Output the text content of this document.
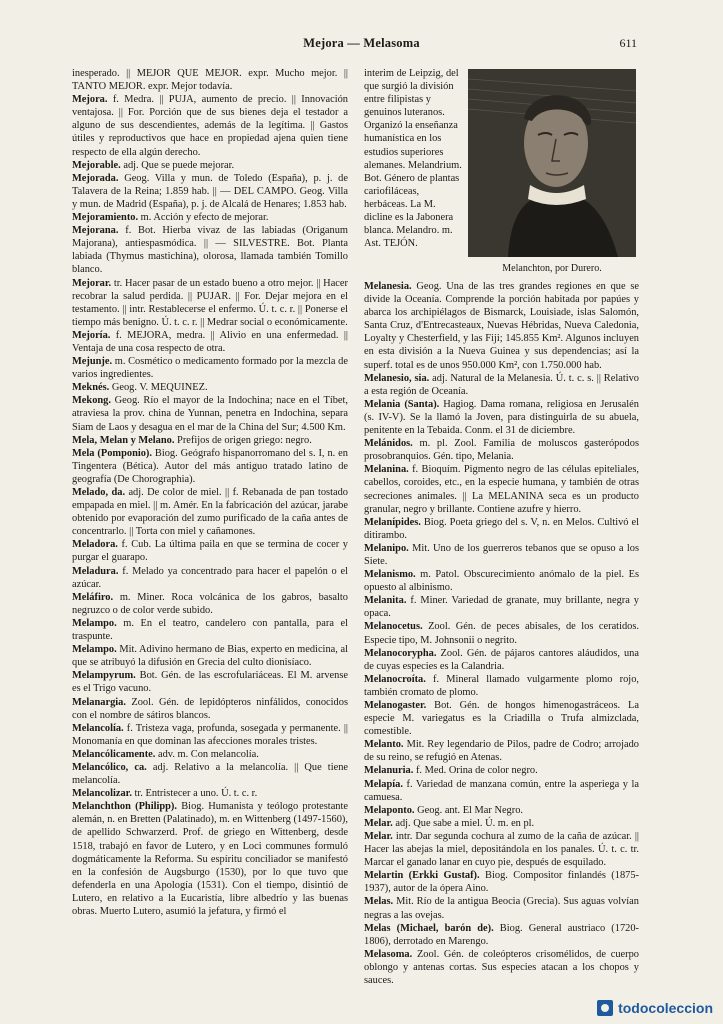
Mejora — Melasoma	611

inesperado. || MEJOR QUE MEJOR. expr. Mucho mejor. || TANTO MEJOR. expr. Mejor todavía.

Mejora. f. Medra. || PUJA, aumento de precio. || Innovación ventajosa. || For. Porción que de sus bienes deja el testador a alguno de sus descendientes, además de la legítima. || Gastos útiles y reproductivos que hace en propiedad ajena quien tiene respecto de ella algún derecho.

Mejorable. adj. Que se puede mejorar.

Mejorada. Geog. Villa y mun. de Toledo (España), p. j. de Talavera de la Reina; 1.859 hab. || — DEL CAMPO. Geog. Villa y mun. de Madrid (España), p. j. de Alcalá de Henares; 1.853 hab.

Mejoramiento. m. Acción y efecto de mejorar.

Mejorana. f. Bot. Hierba vivaz de las labiadas (Origanum Majorana), antiespasmódica. || — SILVESTRE. Bot. Planta labiada (Thymus mastichina), olorosa, llamada también Tomillo blanco.

Mejorar. tr. Hacer pasar de un estado bueno a otro mejor. || Hacer recobrar la salud perdida. || PUJAR. || For. Dejar mejora en el testamento. || intr. Restablecerse el enfermo. Ú. t. c. r. || Ponerse el tiempo más benigno. Ú. t. c. r. || Medrar social o económicamente.

Mejoría. f. MEJORA, medra. || Alivio en una enfermedad. || Ventaja de una cosa respecto de otra.

Mejunje. m. Cosmético o medicamento formado por la mezcla de varios ingredientes.

Meknés. Geog. V. MEQUINEZ.

Mekong. Geog. Río el mayor de la Indochina; nace en el Tíbet, atraviesa la prov. china de Yunnan, penetra en Indochina, separa Siam de Laos y desagua en el mar de la China del Sur; 4.500 Km.

Mela, Melan y Melano. Prefijos de origen griego: negro.

Mela (Pomponio). Biog. Geógrafo hispanorromano del s. I, n. en Tingentera (Bética). Autor del más antiguo tratado latino de geografía (De Chorographia).

Melado, da. adj. De color de miel. || f. Rebanada de pan tostado empapada en miel. || m. Amér. En la fabricación del azúcar, jarabe obtenido por evaporación del zumo purificado de la caña antes de concentrarlo. || Torta con miel y cañamones.

Meladora. f. Cub. La última paila en que se termina de cocer y purgar el guarapo.

Meladura. f. Melado ya concentrado para hacer el papelón o el azúcar.

Meláfiro. m. Miner. Roca volcánica de los gabros, basalto negruzco o de color verde subido.

Melampo. m. En el teatro, candelero con pantalla, para el traspunte.

Melampo. Mit. Adivino hermano de Bias, experto en medicina, al que se atribuyó la difusión en Grecia del culto dionisíaco.

Melampyrum. Bot. Gén. de las escrofulariáceas. El M. arvense es el Trigo vacuno.

Melanargia. Zool. Gén. de lepidópteros ninfálidos, conocidos con el nombre de sátiros blancos.

Melancolía. f. Tristeza vaga, profunda, sosegada y permanente. || Monomanía en que dominan las afecciones morales tristes.

Melancólicamente. adv. m. Con melancolía.

Melancólico, ca. adj. Relativo a la melancolía. || Que tiene melancolía.

Melancolizar. tr. Entristecer a uno. Ú. t. c. r.

Melanchthon (Philipp). Biog. Humanista y teólogo protestante alemán, n. en Bretten (Palatinado), m. en Wittenberg (1497-1560), de apellido Schwarzerd. Prof. de griego en Wittenberg, desde 1518, trabajó en favor de Lutero, y en Loci communes formuló dogmáticamente la Reforma. Su espíritu conciliador se manifestó en la confesión de Augsburgo (1530), por lo que tuvo que defenderla en una Apología (1531). Con el tiempo, disintió de Lutero, en relativo a la Eucaristía, libre albedrío y las buenas obras. Muerto Lutero, asumió la jefatura, y firmó el

interim de Leipzig, del que surgió la división entre filipistas y genuinos luteranos. Organizó la enseñanza humanística en los estudios superiores alemanes. Melandrium. Bot. Género de plantas cariofiláceas, herbáceas. La M. dicline es la Jabonera blanca. Melandro. m. Ast. TEJÓN.

Melanesia. Geog. Una de las tres grandes regiones en que se divide la Oceanía. Comprende la porción habitada por papúes y abarca los archipiélagos de Bismarck, Louisiade, islas Salomón, Santa Cruz, d'Entrecasteaux, Nuevas Hébridas, Nueva Caledonia, Loyalty y Chesterfield, y las Fiji; 145.855 Km². Algunos incluyen en esta división a la Nueva Guinea y sus dependencias; así la superf. total es de unos 950.000 Km², con 1.750.000 hab.

Melanesio, sia. adj. Natural de la Melanesia. Ú. t. c. s. || Relativo a esta región de Oceanía.

Melania (Santa). Hagiog. Dama romana, religiosa en Jerusalén (s. IV-V). Se la llamó la Joven, para distinguirla de su abuela, penitente en la Tebaida. Conm. el 31 de diciembre.

Melánidos. m. pl. Zool. Familia de moluscos gasterópodos prosobranquios. Gén. tipo, Melania.

Melanina. f. Bioquím. Pigmento negro de las células epiteliales, cabellos, coroides, etc., en la especie humana, y también de otras secreciones animales. || La MELANINA seca es un producto granular, negro y brillante. Contiene azufre y hierro.

Melanípides. Biog. Poeta griego del s. V, n. en Melos. Cultivó el ditirambo.

Melanipo. Mit. Uno de los guerreros tebanos que se opuso a los Siete.

Melanismo. m. Patol. Obscurecimiento anómalo de la piel. Es opuesto al albinismo.

Melanita. f. Miner. Variedad de granate, muy brillante, negra y opaca.

Melanocetus. Zool. Gén. de peces abisales, de los ceratidos. Especie tipo, M. Johnsonii o negrito.

Melanocorypha. Zool. Gén. de pájaros cantores aláudidos, una de cuyas especies es la Calandria.

Melanocroíta. f. Mineral llamado vulgarmente plomo rojo, también cromato de plomo.

Melanogaster. Bot. Gén. de hongos himenogastráceos. La especie M. variegatus es la Criadilla o Trufa almizclada, comestible.

Melanto. Mit. Rey legendario de Pilos, padre de Codro; arrojado de su reino, se refugió en Atenas.

Melanuria. f. Med. Orina de color negro.

Melapía. f. Variedad de manzana común, entre la asperiega y la camuesa.

Melaponto. Geog. ant. El Mar Negro.

Melar. adj. Que sabe a miel. Ú. m. en pl.

Melar. intr. Dar segunda cochura al zumo de la caña de azúcar. || Hacer las abejas la miel, depositándola en los panales. Ú. t. c. tr. Marcar el ganado lanar en cuyo pie, después de esquilado.

Melartin (Erkki Gustaf). Biog. Compositor finlandés (1875-1937), autor de la ópera Aino.

Melas. Mit. Río de la antigua Beocia (Grecia). Sus aguas volvían negras a las ovejas.

Melas (Michael, barón de). Biog. General austriaco (1720-1806), derrotado en Marengo.

Melasoma. Zool. Gén. de coleópteros crisomélidos, de cuerpo oblongo y antenas cortas. Sus especies atacan a los chopos y sauces.

Melanchton, por Durero.
todocoleccion
